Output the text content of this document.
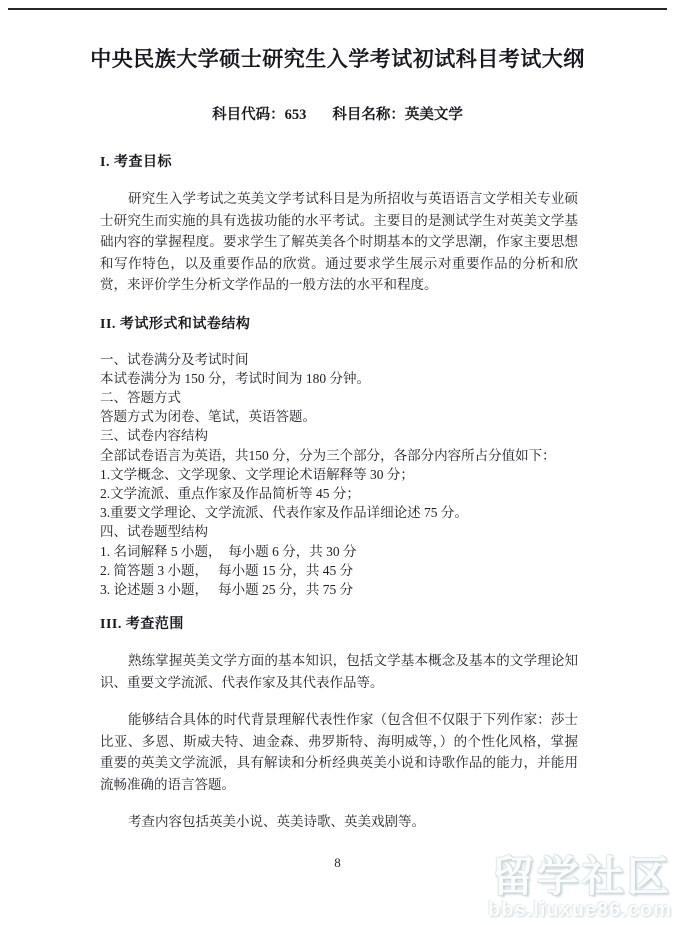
中央民族大学硕士研究生入学考试初试科目考试大纲
科目代码：653 科目名称：英美文学
I. 考查目标
研究生入学考试之英美文学考试科目是为所招收与英语语言文学相关专业硕士研究生而实施的具有选拔功能的水平考试。主要目的是测试学生对英美文学基础内容的掌握程度。要求学生了解英美各个时期基本的文学思潮，作家主要思想和写作特色，以及重要作品的欣赏。通过要求学生展示对重要作品的分析和欣赏，来评价学生分析文学作品的一般方法的水平和程度。
II. 考试形式和试卷结构
一、试卷满分及考试时间
本试卷满分为 150 分，考试时间为 180 分钟。
二、答题方式
答题方式为闭卷、笔试，英语答题。
三、试卷内容结构
全部试卷语言为英语，共150 分，分为三个部分，各部分内容所占分值如下：
1.文学概念、文学现象、文学理论术语解释等 30 分；
2.文学流派、重点作家及作品简析等 45 分；
3.重要文学理论、文学流派、代表作家及作品详细论述 75 分。
四、试卷题型结构
1. 名词解释 5 小题，　每小题 6 分，共 30 分
2. 简答题 3 小题，　 每小题 15 分，共 45 分
3. 论述题 3 小题，　 每小题 25 分，共 75 分
III. 考查范围
熟练掌握英美文学方面的基本知识，包括文学基本概念及基本的文学理论知识、重要文学流派、代表作家及其代表作品等。
能够结合具体的时代背景理解代表性作家（包含但不仅限于下列作家：莎士比亚、多恩、斯威夫特、迪金森、弗罗斯特、海明威等，）的个性化风格，掌握重要的英美文学流派，具有解读和分析经典英美小说和诗歌作品的能力，并能用流畅准确的语言答题。
考查内容包括英美小说、英美诗歌、英美戏剧等。
8	留学社区
bbs.liuxue86.com
